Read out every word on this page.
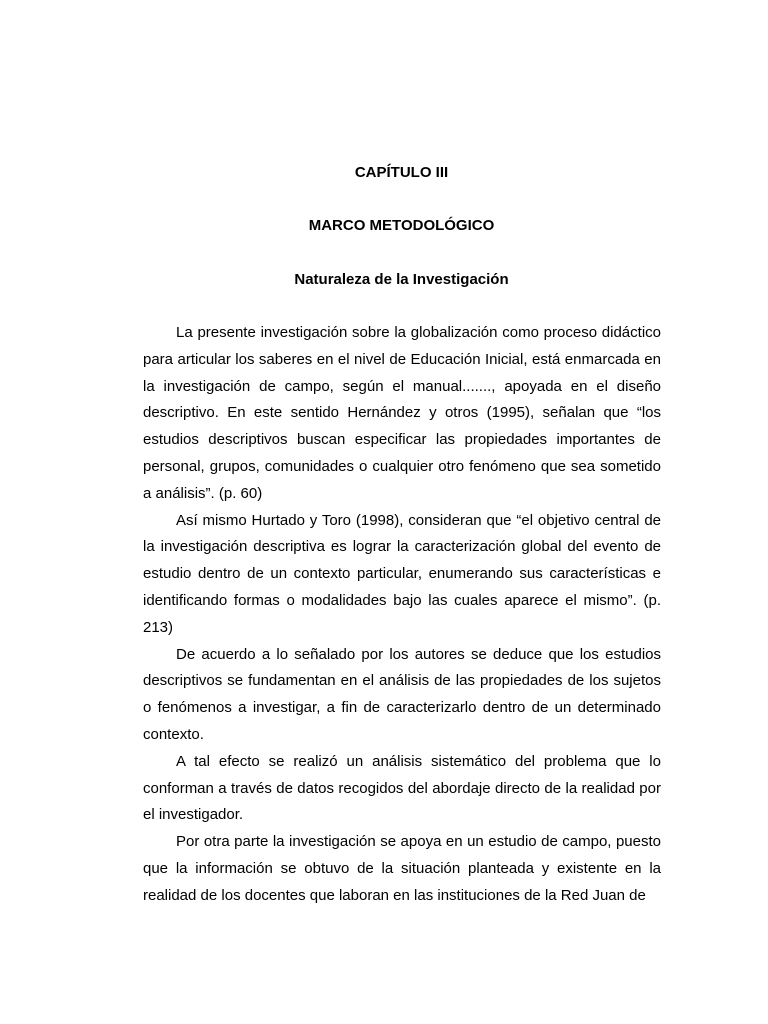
CAPÍTULO III
MARCO METODOLÓGICO
Naturaleza de la Investigación

La presente investigación sobre la globalización como proceso didáctico para articular los saberes en el nivel de Educación Inicial, está enmarcada en la investigación de campo, según el manual......., apoyada en el diseño descriptivo. En este sentido Hernández y otros (1995), señalan que “los estudios descriptivos buscan especificar las propiedades importantes de personal, grupos, comunidades o cualquier otro fenómeno que sea sometido a análisis”. (p. 60)

Así mismo Hurtado y Toro (1998), consideran que “el objetivo central de la investigación descriptiva es lograr la caracterización global del evento de estudio dentro de un contexto particular, enumerando sus características e identificando formas o modalidades bajo las cuales aparece el mismo”. (p. 213)

De acuerdo a lo señalado por los autores se deduce que los estudios descriptivos se fundamentan en el análisis de las propiedades de los sujetos o fenómenos a investigar, a fin de caracterizarlo dentro de un determinado contexto.

A tal efecto se realizó un análisis sistemático del problema que lo conforman a través de datos recogidos del abordaje directo de la realidad por el investigador.

Por otra parte la investigación se apoya en un estudio de campo, puesto que la información se obtuvo de la situación planteada y existente en la realidad de los docentes que laboran en las instituciones de la Red Juan de
